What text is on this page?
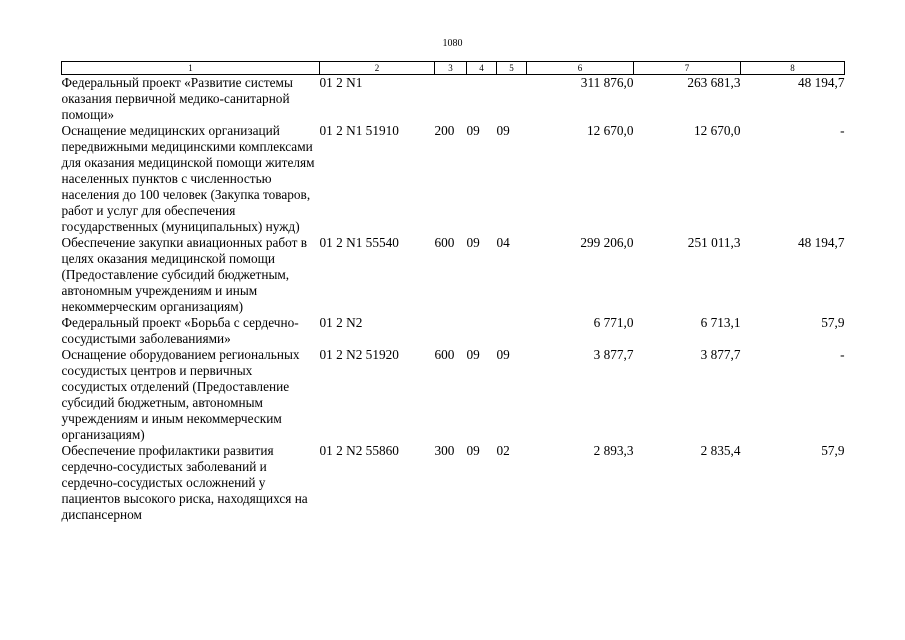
1080
1	2	3	4	5	6	7	8
Федеральный проект «Развитие системы оказания первичной медико-санитарной помощи»	01 2 N1				311 876,0	263 681,3	48 194,7
Оснащение медицинских организаций передвижными медицинскими комплексами для оказания медицинской помощи жителям населенных пунктов с численностью населения до 100 человек (Закупка товаров, работ и услуг для обеспечения государственных (муниципальных) нужд)	01 2 N1 51910	200	09	09	12 670,0	12 670,0	-
Обеспечение закупки авиационных работ в целях оказания медицинской помощи (Предоставление субсидий бюджетным, автономным учреждениям и иным некоммерческим организациям)	01 2 N1 55540	600	09	04	299 206,0	251 011,3	48 194,7
Федеральный проект «Борьба с сердечно-сосудистыми заболеваниями»	01 2 N2				6 771,0	6 713,1	57,9
Оснащение оборудованием региональных сосудистых центров и первичных сосудистых отделений (Предоставление субсидий бюджетным, автономным учреждениям и иным некоммерческим организациям)	01 2 N2 51920	600	09	09	3 877,7	3 877,7	-
Обеспечение профилактики развития сердечно-сосудистых заболеваний и сердечно-сосудистых осложнений у пациентов высокого риска, находящихся на диспансерном	01 2 N2 55860	300	09	02	2 893,3	2 835,4	57,9
